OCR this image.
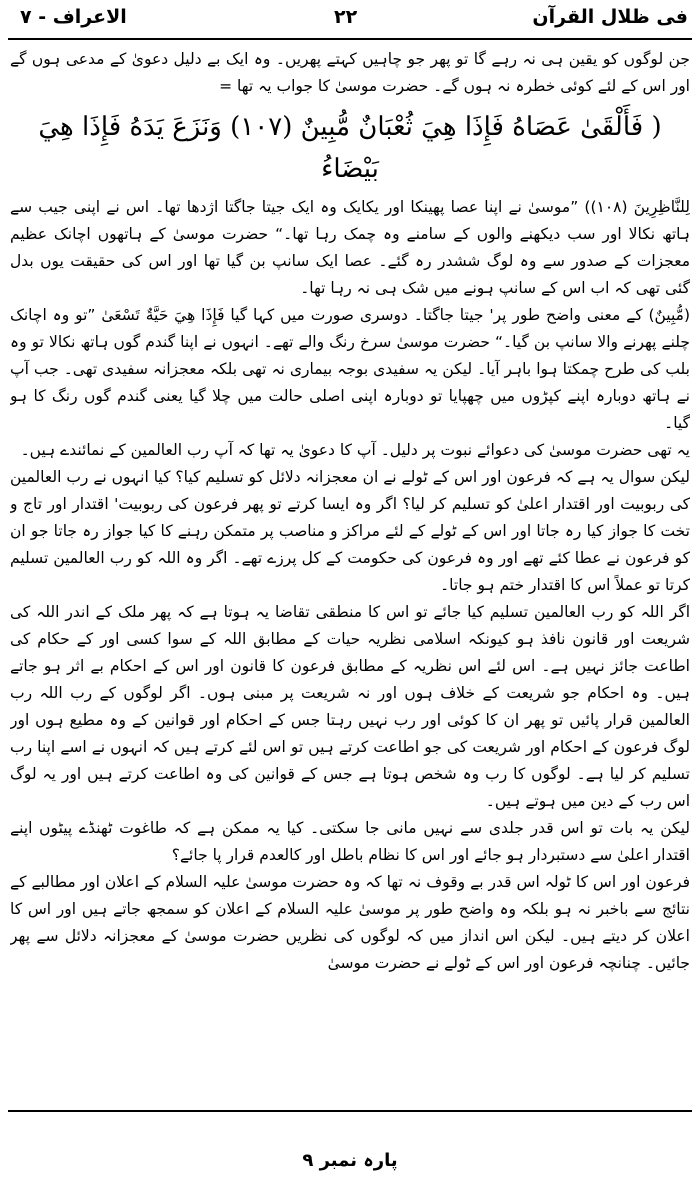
فی ظلال القرآن
۲۲
الاعراف - ۷

جن لوگوں کو یقین ہی نہ رہے گا تو پھر جو چاہیں کہتے پھریں۔ وہ ایک بے دلیل دعویٰ کے مدعی ہوں گے اور اس کے لئے کوئی خطرہ نہ ہوں گے۔ حضرت موسیٰ کا جواب یہ تھا =

( فَأَلْقَىٰ عَصَاهُ فَإِذَا هِيَ ثُعْبَانٌ مُّبِينٌ (۱۰۷) وَنَزَعَ يَدَهُ فَإِذَا هِيَ بَيْضَاءُ

لِلنَّاظِرِينَ (۱۰۸)) ”موسیٰ نے اپنا عصا پھینکا اور یکایک وہ ایک جیتا جاگتا اژدھا تھا۔ اس نے اپنی جیب سے ہاتھ نکالا اور سب دیکھنے والوں کے سامنے وہ چمک رہا تھا۔“ حضرت موسیٰ کے ہاتھوں اچانک عظیم معجزات کے صدور سے وہ لوگ ششدر رہ گئے۔ عصا ایک سانپ بن گیا تھا اور اس کی حقیقت یوں بدل گئی تھی کہ اب اس کے سانپ ہونے میں شک ہی نہ رہا تھا۔

(مُّبِينٌ) کے معنی واضح طور پر' جیتا جاگتا۔ دوسری صورت میں کہا گیا فَإِذَا هِيَ حَيَّةٌ تَسْعَىٰ ”تو وہ اچانک چلنے پھرنے والا سانپ بن گیا۔“ حضرت موسیٰ سرخ رنگ والے تھے۔ انہوں نے اپنا گندم گوں ہاتھ نکالا تو وہ بلب کی طرح چمکتا ہوا باہر آیا۔ لیکن یہ سفیدی بوجہ بیماری نہ تھی بلکہ معجزانہ سفیدی تھی۔ جب آپ نے ہاتھ دوبارہ اپنے کپڑوں میں چھپایا تو دوبارہ اپنی اصلی حالت میں چلا گیا یعنی گندم گوں رنگ کا ہو گیا۔

یہ تھی حضرت موسیٰ کی دعوائے نبوت پر دلیل۔ آپ کا دعویٰ یہ تھا کہ آپ رب العالمین کے نمائندے ہیں۔

لیکن سوال یہ ہے کہ فرعون اور اس کے ٹولے نے ان معجزانہ دلائل کو تسلیم کیا؟ کیا انہوں نے رب العالمین کی ربوبیت اور اقتدار اعلیٰ کو تسلیم کر لیا؟ اگر وہ ایسا کرتے تو پھر فرعون کی ربوبیت' اقتدار اور تاج و تخت کا جواز کیا رہ جاتا اور اس کے ٹولے کے لئے مراکز و مناصب پر متمکن رہنے کا کیا جواز رہ جاتا جو ان کو فرعون نے عطا کئے تھے اور وہ فرعون کی حکومت کے کل پرزے تھے۔ اگر وہ اللہ کو رب العالمین تسلیم کرتا تو عملاً اس کا اقتدار ختم ہو جاتا۔

اگر اللہ کو رب العالمین تسلیم کیا جائے تو اس کا منطقی تقاضا یہ ہوتا ہے کہ پھر ملک کے اندر اللہ کی شریعت اور قانون نافذ ہو کیونکہ اسلامی نظریہ حیات کے مطابق اللہ کے سوا کسی اور کے حکام کی اطاعت جائز نہیں ہے۔ اس لئے اس نظریہ کے مطابق فرعون کا قانون اور اس کے احکام بے اثر ہو جاتے ہیں۔ وہ احکام جو شریعت کے خلاف ہوں اور نہ شریعت پر مبنی ہوں۔ اگر لوگوں کے رب اللہ رب العالمین قرار پائیں تو پھر ان کا کوئی اور رب نہیں رہتا جس کے احکام اور قوانین کے وہ مطیع ہوں اور لوگ فرعون کے احکام اور شریعت کی جو اطاعت کرتے ہیں تو اس لئے کرتے ہیں کہ انہوں نے اسے اپنا رب تسلیم کر لیا ہے۔ لوگوں کا رب وہ شخص ہوتا ہے جس کے قوانین کی وہ اطاعت کرتے ہیں اور یہ لوگ اس رب کے دین میں ہوتے ہیں۔

لیکن یہ بات تو اس قدر جلدی سے نہیں مانی جا سکتی۔ کیا یہ ممکن ہے کہ طاغوت ٹھنڈے پیٹوں اپنے اقتدار اعلیٰ سے دستبردار ہو جائے اور اس کا نظام باطل اور کالعدم قرار پا جائے؟

فرعون اور اس کا ٹولہ اس قدر بے وقوف نہ تھا کہ وہ حضرت موسیٰ علیہ السلام کے اعلان اور مطالبے کے نتائج سے باخبر نہ ہو بلکہ وہ واضح طور پر موسیٰ علیہ السلام کے اعلان کو سمجھ جاتے ہیں اور اس کا اعلان کر دیتے ہیں۔ لیکن اس انداز میں کہ لوگوں کی نظریں حضرت موسیٰ کے معجزانہ دلائل سے پھر جائیں۔ چنانچہ فرعون اور اس کے ٹولے نے حضرت موسیٰ

پارہ نمبر ۹
